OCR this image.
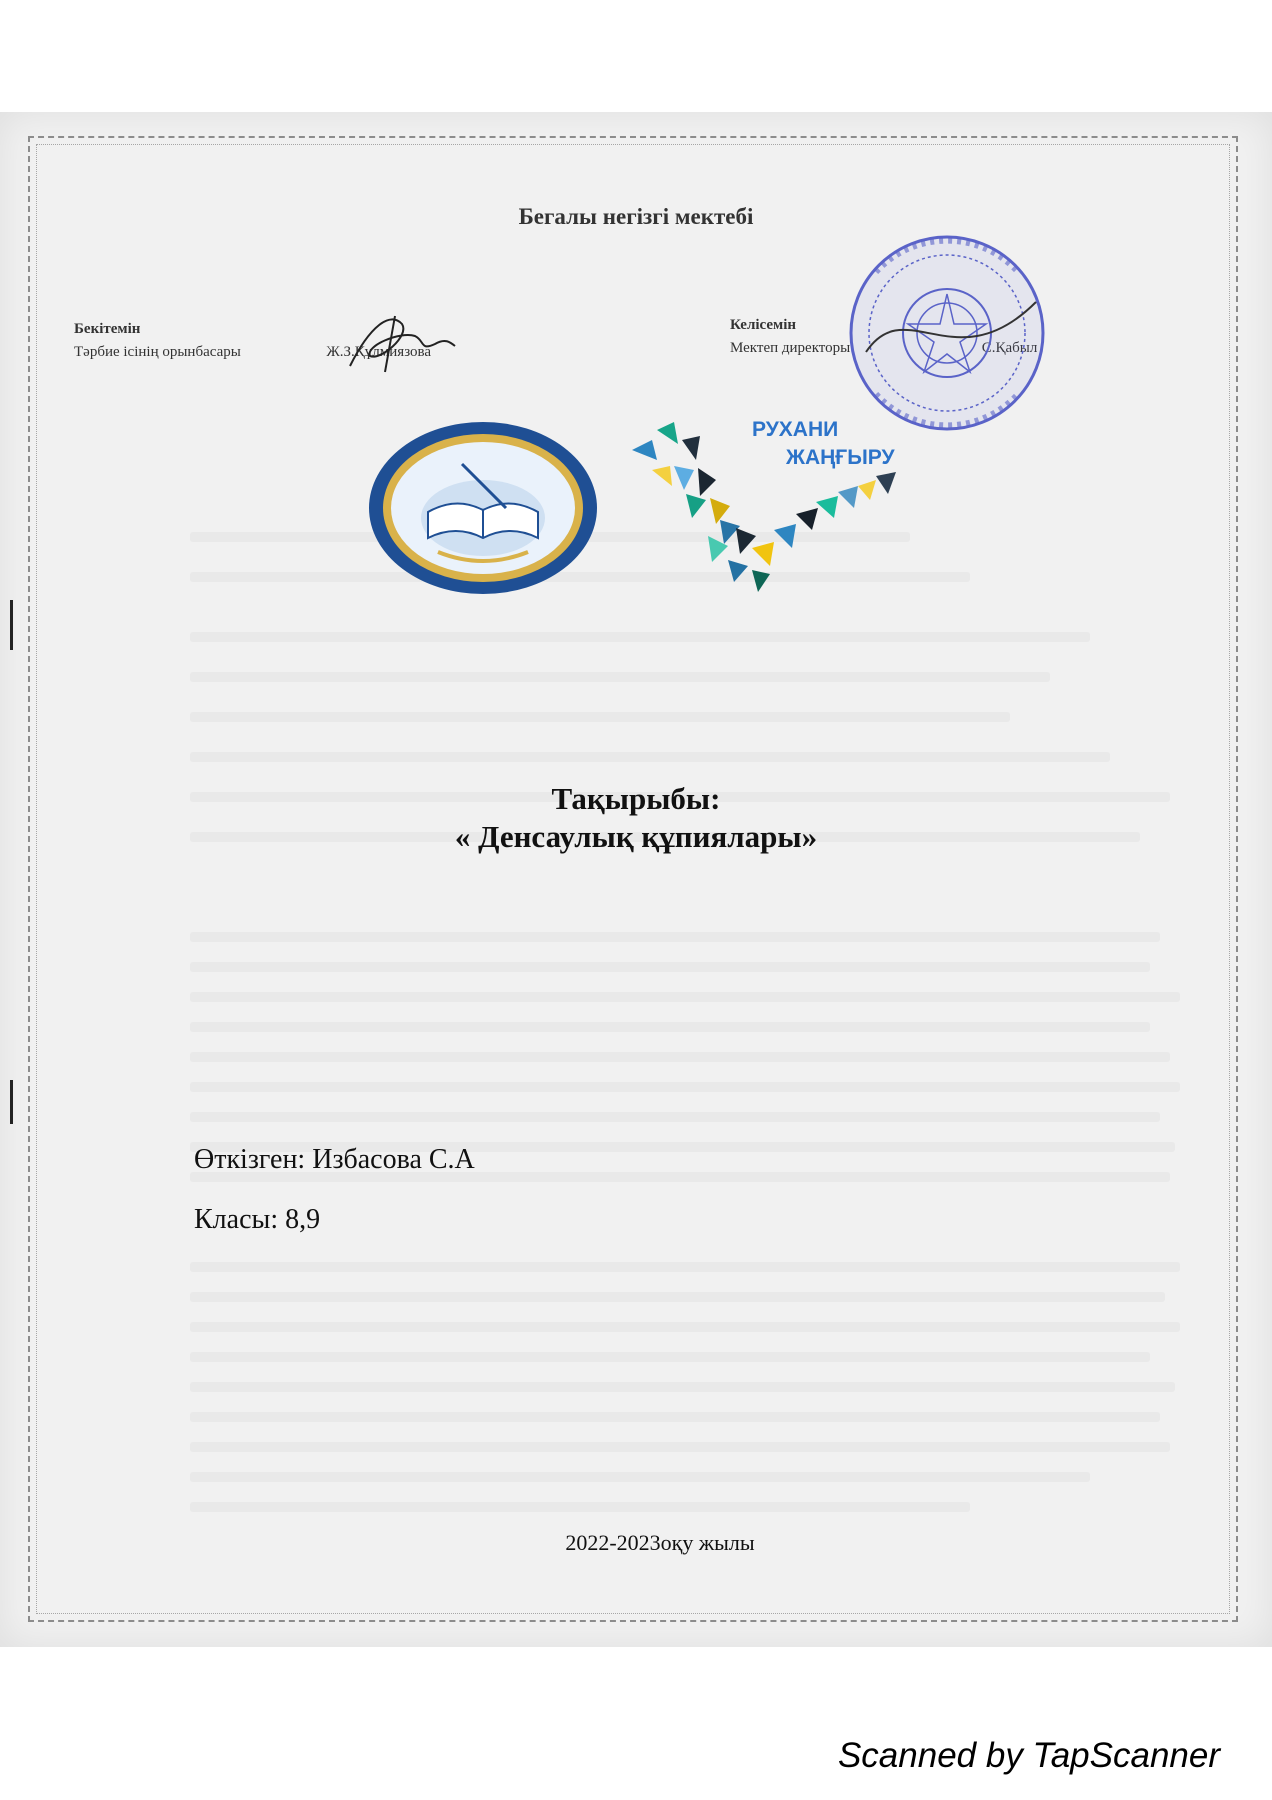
Бегалы негізгі мектебі
Бекітемін
Тәрбие ісінің орынбасары	Ж.З.Құлмиязова
Келісемін
Мектеп директоры
РУХАНИ
ЖАҢҒЫРУ
Тақырыбы:
« Денсаулық құпиялары»
Өткізген: Избасова С.А
Класы: 8,9
2022-2023оқу жылы
Scanned by TapScanner
